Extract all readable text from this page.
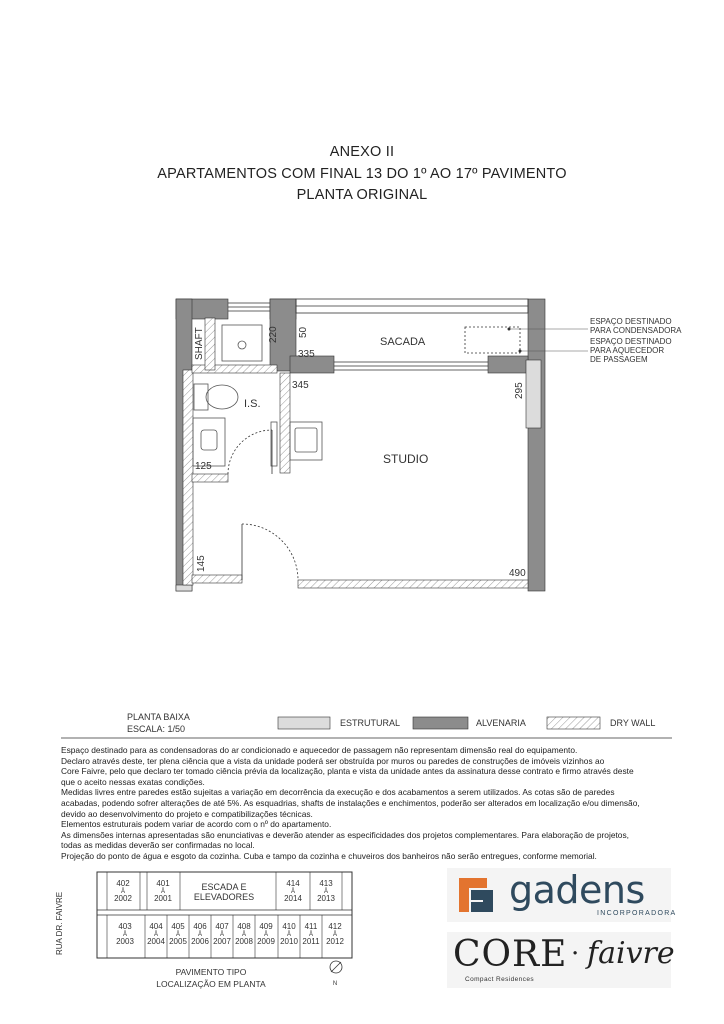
ANEXO II
APARTAMENTOS COM FINAL 13 DO 1º AO 17º PAVIMENTO
PLANTA ORIGINAL
220 50
335
345	295
125
145
490
SHAFT
I.S.
SACADA
STUDIO
ESPAÇO DESTINADO
PARA CONDENSADORA
ESPAÇO DESTINADO
PARA AQUECEDOR
DE PASSAGEM
PLANTA BAIXA
ESCALA: 1/50
ESTRUTURAL	ALVENARIA	DRY WALL
RUA DR. FAIVRE
ESCADA E
ELEVADORES
402
Å
2002
401
Å
2001
414
Å
2014
413
Å
2013
403
Å
2003
404
Å
2004
405
Å
2005
406
Å
2006
407
Å
2007
408
Å
2008
409
Å
2009
410
Å
2010
411
Å
2011
412
Å
2012
PAVIMENTO TIPO
LOCALIZAÇÃO EM PLANTA	N

Espaço destinado para as condensadoras do ar condicionado e aquecedor de passagem não representam dimensão real do equipamento.

Declaro através deste, ter plena ciência que a vista da unidade poderá ser obstruída por muros ou paredes de construções de imóveis vizinhos ao

Core Faivre, pelo que declaro ter tomado ciência prévia da localização, planta e vista da unidade antes da assinatura desse contrato e firmo através deste

que o aceito nessas exatas condições.

Medidas livres entre paredes estão sujeitas a variação em decorrência da execução e dos acabamentos a serem utilizados. As cotas são de paredes

acabadas, podendo sofrer alterações de até 5%. As esquadrias, shafts de instalações e enchimentos, poderão ser alterados em localização e/ou dimensão,

devido ao desenvolvimento do projeto e compatibilizações técnicas.

Elementos estruturais podem variar de acordo com o nº do apartamento.

As dimensões internas apresentadas são enunciativas e deverão atender as especificidades dos projetos complementares. Para elaboração de projetos,

todas as medidas deverão ser confirmadas no local.

Projeção do ponto de água e esgoto da cozinha. Cuba e tampo da cozinha e chuveiros dos banheiros não serão entregues, conforme memorial.

gadens
INCORPORADORA
CORE · faivre
Compact Residences
